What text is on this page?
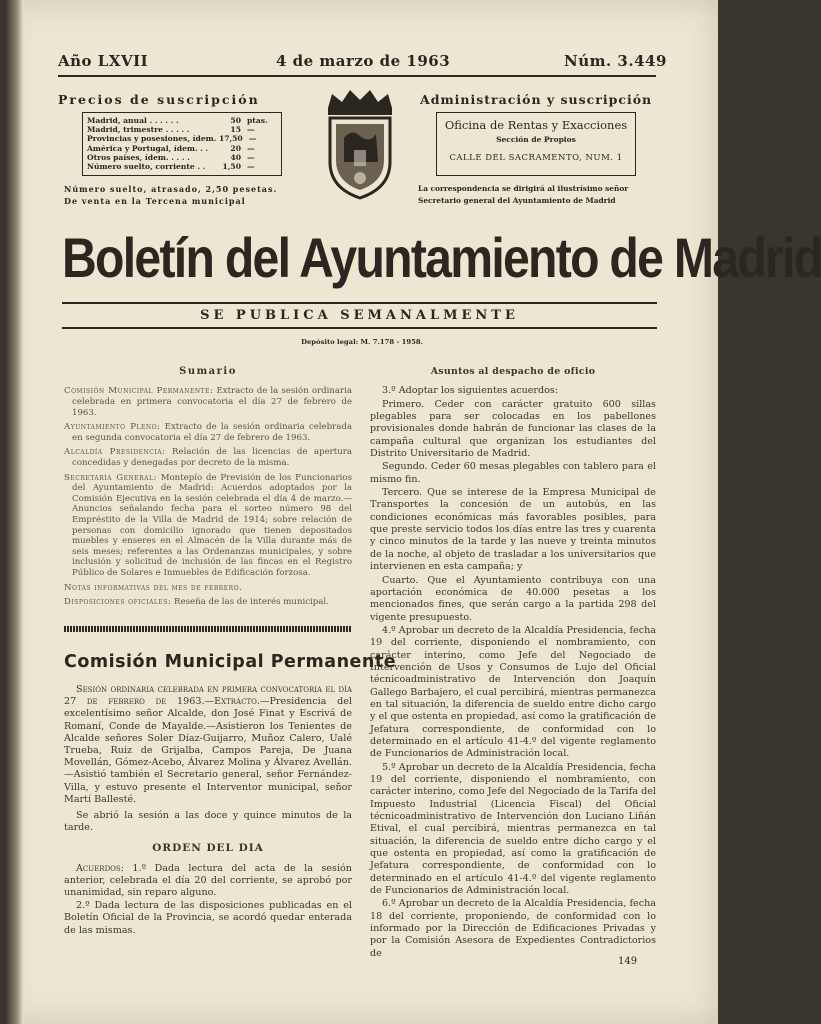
Año LXVII	4 de marzo de 1963	Núm. 3.449
Precios de suscripción
Madrid, anual . . . . . .	50 ptas.
Madrid, trimestre . . . . .	15 —
Provincias y posesiones, ídem. 17,50 —
América y Portugal, ídem. . .	20 —
Otros países, ídem. . . . .	40 —
Número suelto, corriente . .	1,50 —
Número suelto, atrasado, 2,50 pesetas.
De venta en la Tercena municipal
Administración y suscripción
Oficina de Rentas y Exacciones
Sección de Propios
CALLE DEL SACRAMENTO, NUM. 1
La correspondencia se dirigirá al ilustrísimo señor
Secretario general del Ayuntamiento de Madrid
Boletín del Ayuntamiento de Madrid
SE PUBLICA SEMANALMENTE
Depósito legal: M. 7.178 - 1958.
Sumario
Comisión Municipal Permanente: Extracto de la sesión ordinaria celebrada en primera convocatoria el día 27 de febrero de 1963.
Ayuntamiento Pleno: Extracto de la sesión ordinaria celebrada en segunda convocatoria el día 27 de febrero de 1963.
Alcaldía Presidencia: Relación de las licencias de apertura concedidas y denegadas por decreto de la misma.
Secretaría General: Montepío de Previsión de los Funcionarios del Ayuntamiento de Madrid: Acuerdos adoptados por la Comisión Ejecutiva en la sesión celebrada el día 4 de marzo.—Anuncios señalando fecha para el sorteo número 98 del Empréstito de la Villa de Madrid de 1914; sobre relación de personas con domicilio ignorado que tienen depositados muebles y enseres en el Almacén de la Villa durante más de seis meses; referentes a las Ordenanzas municipales, y sobre inclusión y solicitud de inclusión de las fincas en el Registro Público de Solares e Inmuebles de Edificación forzosa.
Notas informativas del mes de febrero.
Disposiciones oficiales: Reseña de las de interés municipal.
Comisión Municipal Permanente

Sesión ordinaria celebrada en primera convocatoria el día 27 de febrero de 1963.—Extracto.—Presidencia del excelentísimo señor Alcalde, don José Finat y Escrivá de Romaní, Conde de Mayalde.—Asistieron los Tenientes de Alcalde señores Soler Díaz-Guijarro, Muñoz Calero, Ualé Trueba, Ruiz de Grijalba, Campos Pareja, De Juana Movellán, Gómez-Acebo, Álvarez Molina y Álvarez Avellán.—Asistió también el Secretario general, señor Fernández-Villa, y estuvo presente el Interventor municipal, señor Martí Ballesté.

Se abrió la sesión a las doce y quince minutos de la tarde.

ORDEN DEL DIA

Acuerdos: 1.º Dada lectura del acta de la sesión anterior, celebrada el día 20 del corriente, se aprobó por unanimidad, sin reparo alguno.

2.º Dada lectura de las disposiciones publicadas en el Boletín Oficial de la Provincia, se acordó quedar enterada de las mismas.

Asuntos al despacho de oficio

3.º Adoptar los siguientes acuerdos:

Primero. Ceder con carácter gratuito 600 sillas plegables para ser colocadas en los pabellones provisionales donde habrán de funcionar las clases de la campaña cultural que organizan los estudiantes del Distrito Universitario de Madrid.

Segundo. Ceder 60 mesas plegables con tablero para el mismo fin.

Tercero. Que se interese de la Empresa Municipal de Transportes la concesión de un autobús, en las condiciones económicas más favorables posibles, para que preste servicio todos los días entre las tres y cuarenta y cinco minutos de la tarde y las nueve y treinta minutos de la noche, al objeto de trasladar a los universitarios que intervienen en esta campaña; y

Cuarto. Que el Ayuntamiento contribuya con una aportación económica de 40.000 pesetas a los mencionados fines, que serán cargo a la partida 298 del vigente presupuesto.

4.º Aprobar un decreto de la Alcaldía Presidencia, fecha 19 del corriente, disponiendo el nombramiento, con carácter interino, como Jefe del Negociado de Intervención de Usos y Consumos de Lujo del Oficial técnicoadministrativo de Intervención don Joaquín Gallego Barbajero, el cual percibirá, mientras permanezca en tal situación, la diferencia de sueldo entre dicho cargo y el que ostenta en propiedad, así como la gratificación de Jefatura correspondiente, de conformidad con lo determinado en el artículo 41-4.º del vigente reglamento de Funcionarios de Administración local.

5.º Aprobar un decreto de la Alcaldía Presidencia, fecha 19 del corriente, disponiendo el nombramiento, con carácter interino, como Jefe del Negociado de la Tarifa del Impuesto Industrial (Licencia Fiscal) del Oficial técnicoadministrativo de Intervención don Luciano Liñán Etival, el cual percibirá, mientras permanezca en tal situación, la diferencia de sueldo entre dicho cargo y el que ostenta en propiedad, así como la gratificación de Jefatura correspondiente, de conformidad con lo determinado en el artículo 41-4.º del vigente reglamento de Funcionarios de Administración local.

6.º Aprobar un decreto de la Alcaldía Presidencia, fecha 18 del corriente, proponiendo, de conformidad con lo informado por la Dirección de Edificaciones Privadas y por la Comisión Asesora de Expedientes Contradictorios de

149
